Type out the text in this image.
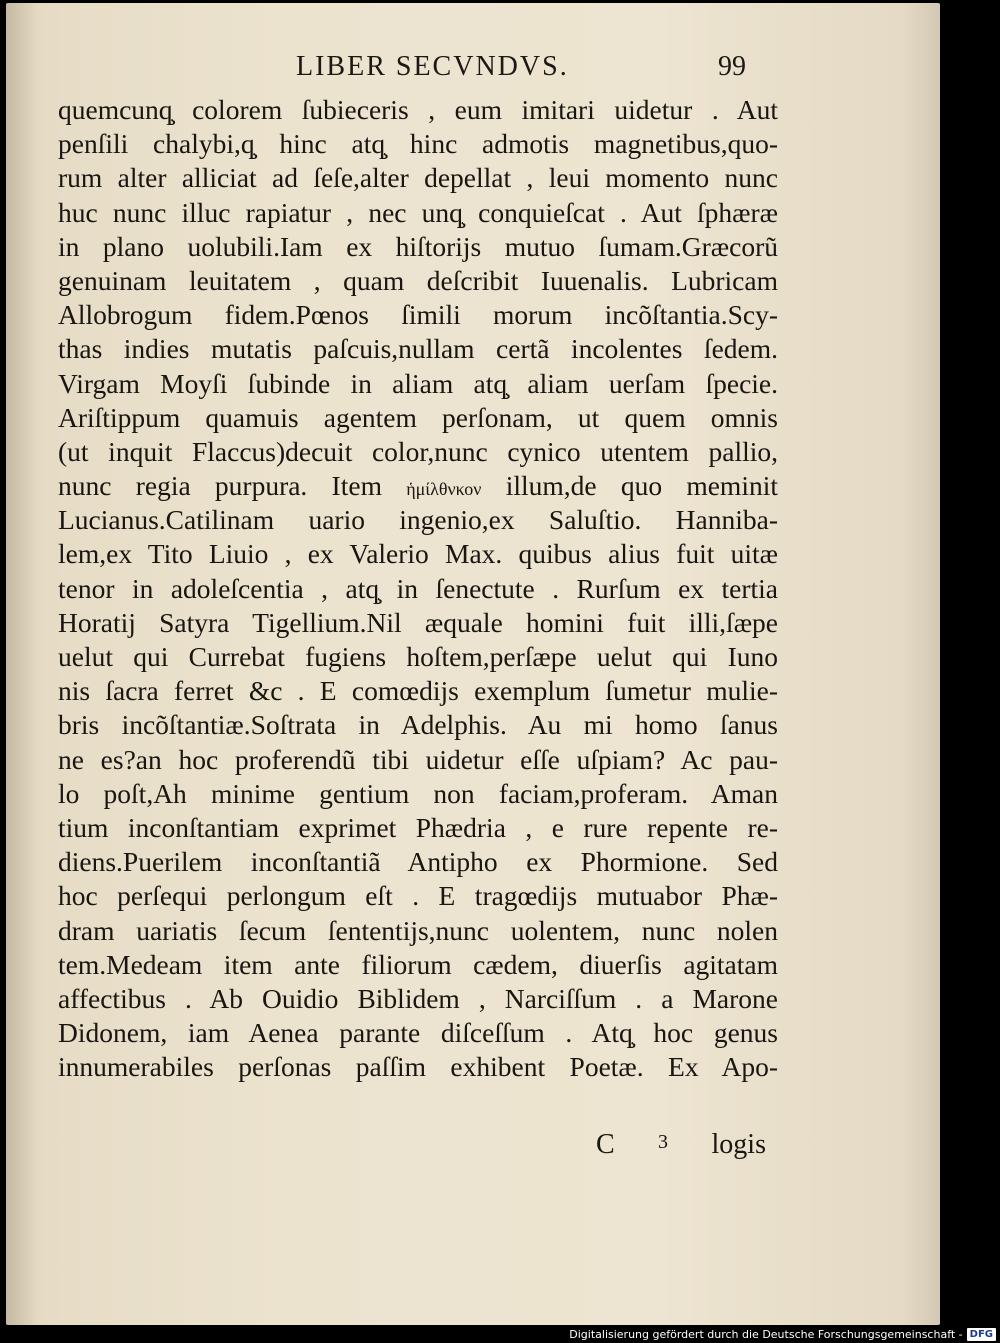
LIBER SECVNDVS.	99
quemcunq̧ colorem ſubieceris , eum imitari uidetur . Aut
penſili chalybi,q̧ hinc atq̧ hinc admotis magnetibus,quo-
rum alter alliciat ad ſeſe,alter depellat , leui momento nunc
huc nunc illuc rapiatur , nec unq̧ conquieſcat . Aut ſphæræ
in plano uolubili.Iam ex hiſtorijs mutuo ſumam.Græcorũ
genuinam leuitatem , quam deſcribit Iuuenalis. Lubricam
Allobrogum fidem.Pœnos ſimili morum incõſtantia.Scy-
thas indies mutatis paſcuis,nullam certã incolentes ſedem.
Virgam Moyſi ſubinde in aliam atq̧ aliam uerſam ſpecie.
Ariſtippum quamuis agentem perſonam, ut quem omnis
(ut inquit Flaccus)decuit color,nunc cynico utentem pallio,
nunc regia purpura. Item ἡμίλθνκον illum,de quo meminit
Lucianus.Catilinam uario ingenio,ex Saluſtio. Hanniba-
lem,ex Tito Liuio , ex Valerio Max. quibus alius fuit uitæ
tenor in adoleſcentia , atq̧ in ſenectute . Rurſum ex tertia
Horatij Satyra Tigellium.Nil æquale homini fuit illi,ſæpe
uelut qui Currebat fugiens hoſtem,perſæpe uelut qui Iuno
nis ſacra ferret &c . E comœdijs exemplum ſumetur mulie-
bris incõſtantiæ.Soſtrata in Adelphis. Au mi homo ſanus
ne es?an hoc proferendũ tibi uidetur eſſe uſpiam? Ac pau-
lo poſt,Ah minime gentium non faciam,proferam. Aman
tium inconſtantiam exprimet Phædria , e rure repente re-
diens.Puerilem inconſtantiã Antipho ex Phormione. Sed
hoc perſequi perlongum eſt . E tragœdijs mutuabor Phæ-
dram uariatis ſecum ſententijs,nunc uolentem, nunc nolen
tem.Medeam item ante filiorum cædem, diuerſis agitatam
affectibus . Ab Ouidio Biblidem , Narciſſum . a Marone
Didonem, iam Aenea parante diſceſſum . Atq̧ hoc genus
innumerabiles perſonas paſſim exhibent Poetæ. Ex Apo-
C 3 logis
Digitalisierung gefördert durch die Deutsche Forschungsgemeinschaft - DFG
